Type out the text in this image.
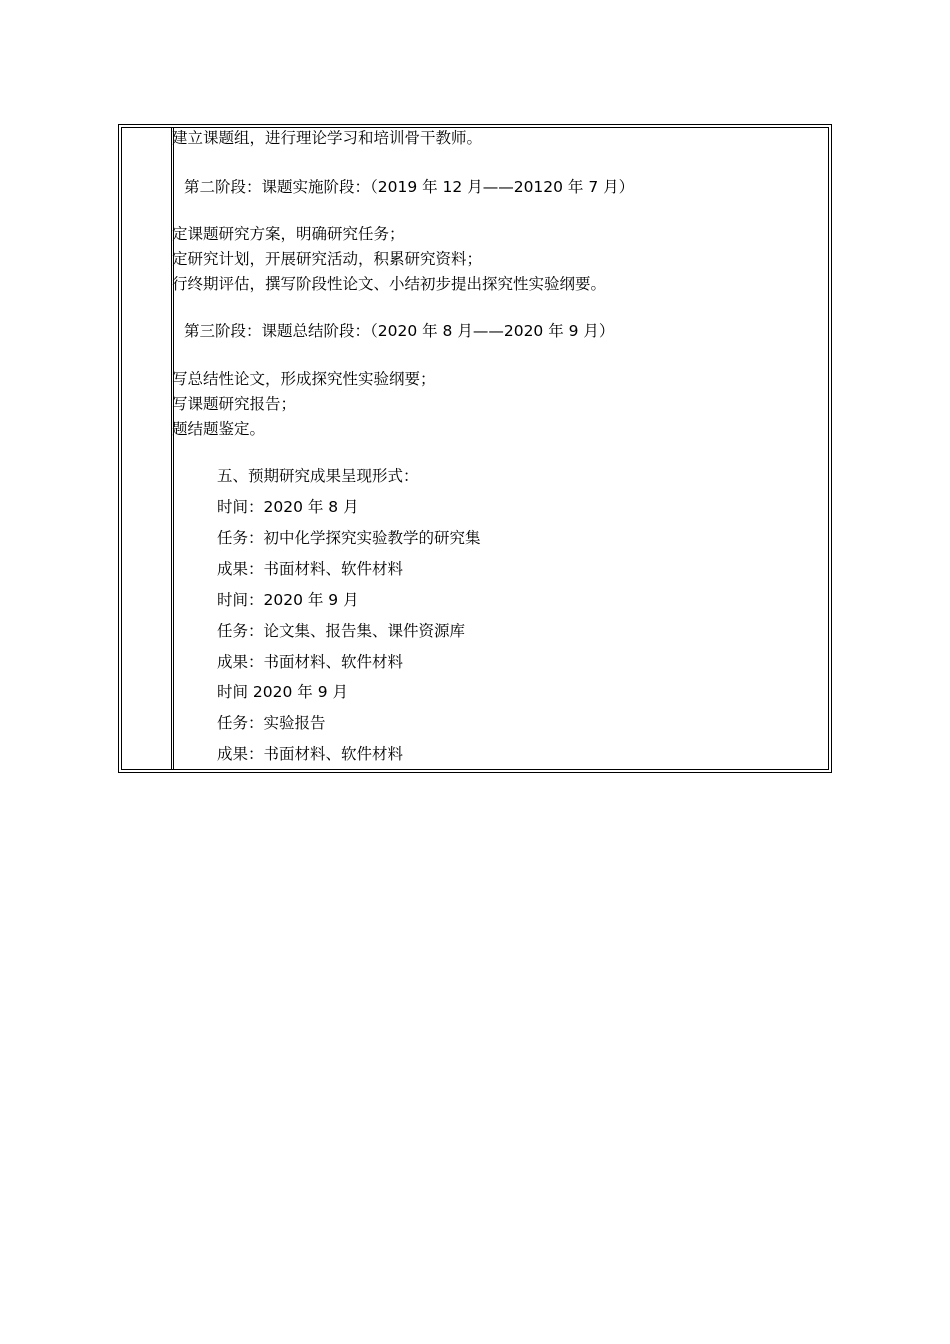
建立课题组，进行理论学习和培训骨干教师。
第二阶段：课题实施阶段：（2019 年 12 月——20120 年 7 月）
定课题研究方案，明确研究任务；
定研究计划，开展研究活动，积累研究资料；
行终期评估，撰写阶段性论文、小结初步提出探究性实验纲要。
第三阶段：课题总结阶段：（2020 年 8 月——2020 年 9 月）
写总结性论文，形成探究性实验纲要；
写课题研究报告；
题结题鉴定。
五、预期研究成果呈现形式：
时间：2020 年 8 月
任务：初中化学探究实验教学的研究集
成果：书面材料、软件材料
时间：2020 年 9 月
任务：论文集、报告集、课件资源库
成果：书面材料、软件材料
时间 2020 年 9 月
任务：实验报告
成果：书面材料、软件材料
